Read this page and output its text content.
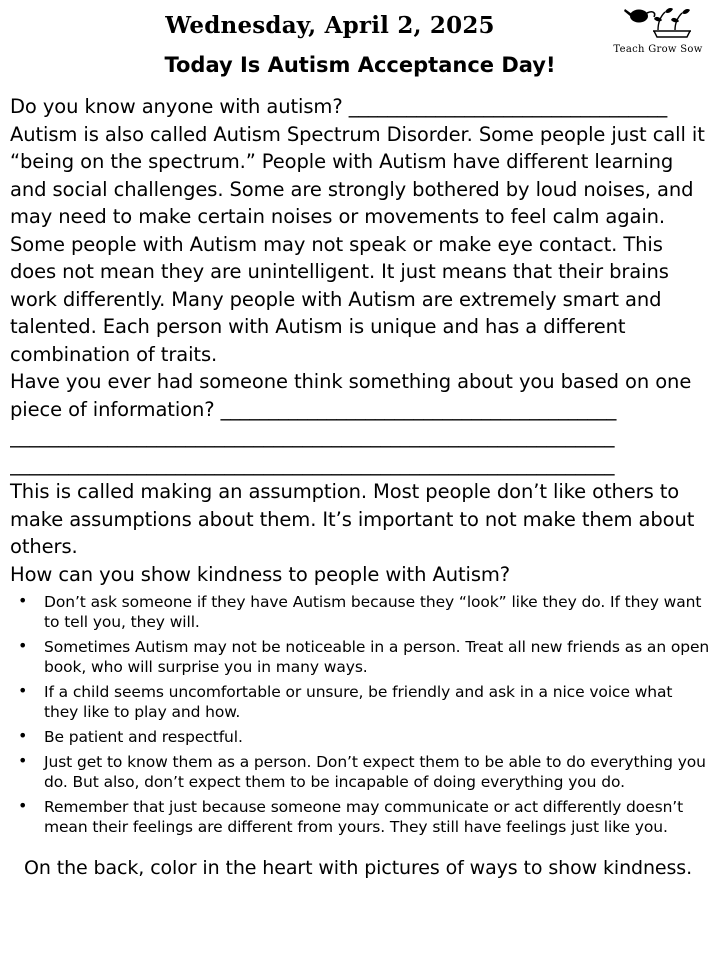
Teach Grow Sow
Wednesday, April 2, 2025
Today Is Autism Acceptance Day!

Do you know anyone with autism? _________________________________

Autism is also called Autism Spectrum Disorder. Some people just call it “being on the spectrum.” People with Autism have different learning and social challenges. Some are strongly bothered by loud noises, and may need to make certain noises or movements to feel calm again. Some people with Autism may not speak or make eye contact. This does not mean they are unintelligent. It just means that their brains work differently. Many people with Autism are extremely smart and talented. Each person with Autism is unique and has a different combination of traits.

Have you ever had someone think something about you based on one piece of information? _________________________________________

______________________________________________________________
______________________________________________________________

This is called making an assumption. Most people don’t like others to make assumptions about them. It’s important to not make them about others.

How can you show kindness to people with Autism?

• Don’t ask someone if they have Autism because they “look” like they do. If they want to tell you, they will.
• Sometimes Autism may not be noticeable in a person. Treat all new friends as an open book, who will surprise you in many ways.
• If a child seems uncomfortable or unsure, be friendly and ask in a nice voice what they like to play and how.
• Be patient and respectful.
• Just get to know them as a person. Don’t expect them to be able to do everything you do. But also, don’t expect them to be incapable of doing everything you do.
• Remember that just because someone may communicate or act differently doesn’t mean their feelings are different from yours. They still have feelings just like you.

On the back, color in the heart with pictures of ways to show kindness.
